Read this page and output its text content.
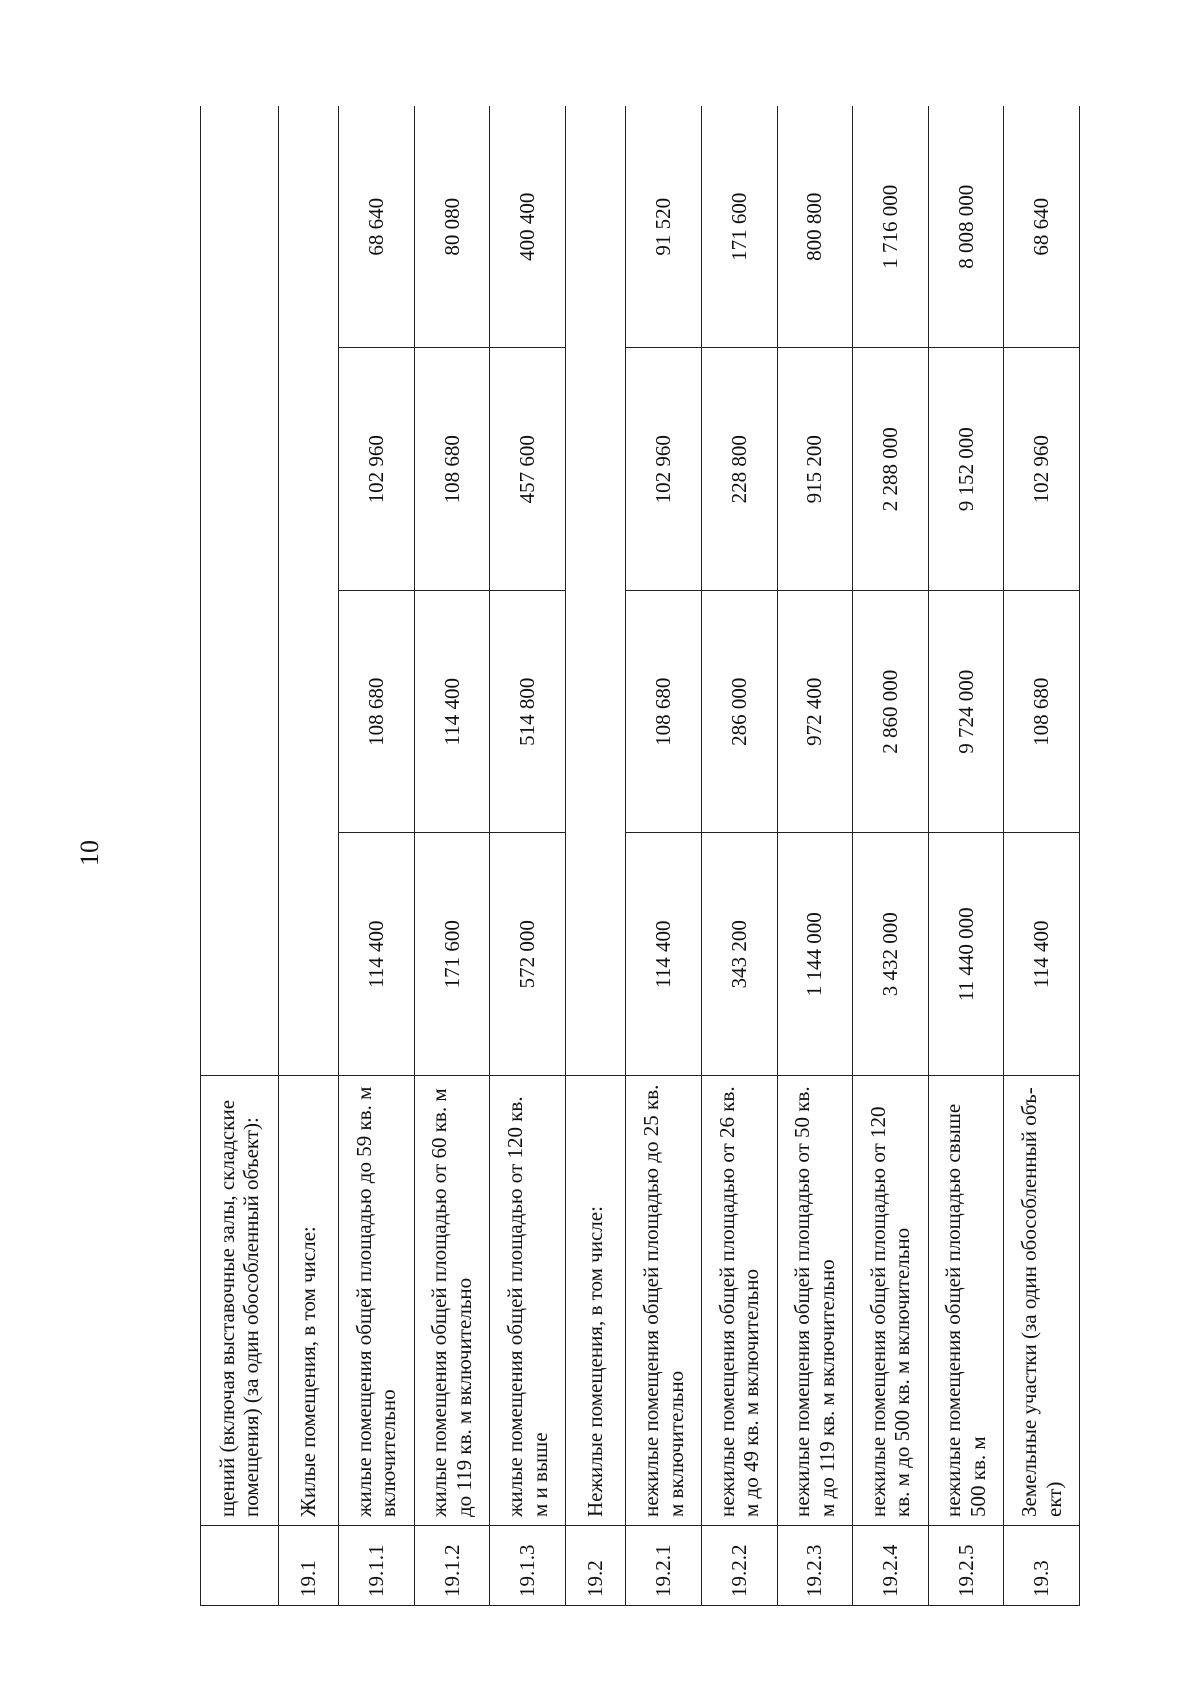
10
	щений (включая выставочные залы, складские помещения) (за один обособленный объект):				
19.1	Жилые помещения, в том числе:				
19.1.1	жилые помещения общей площадью до 59 кв. м включительно	114 400	108 680	102 960	68 640
19.1.2	жилые помещения общей площадью от 60 кв. м до 119 кв. м включительно	171 600	114 400	108 680	80 080
19.1.3	жилые помещения общей площадью от 120 кв. м и выше	572 000	514 800	457 600	400 400
19.2	Нежилые помещения, в том числе:				
19.2.1	нежилые помещения общей площадью до 25 кв. м включительно	114 400	108 680	102 960	91 520
19.2.2	нежилые помещения общей площадью от 26 кв. м до 49 кв. м включительно	343 200	286 000	228 800	171 600
19.2.3	нежилые помещения общей площадью от 50 кв. м до 119 кв. м включительно	1 144 000	972 400	915 200	800 800
19.2.4	нежилые помещения общей площадью от 120 кв. м до 500 кв. м включительно	3 432 000	2 860 000	2 288 000	1 716 000
19.2.5	нежилые помещения общей площадью свыше 500 кв. м	11 440 000	9 724 000	9 152 000	8 008 000
19.3	Земельные участки (за один обособленный объ-ект)	114 400	108 680	102 960	68 640
